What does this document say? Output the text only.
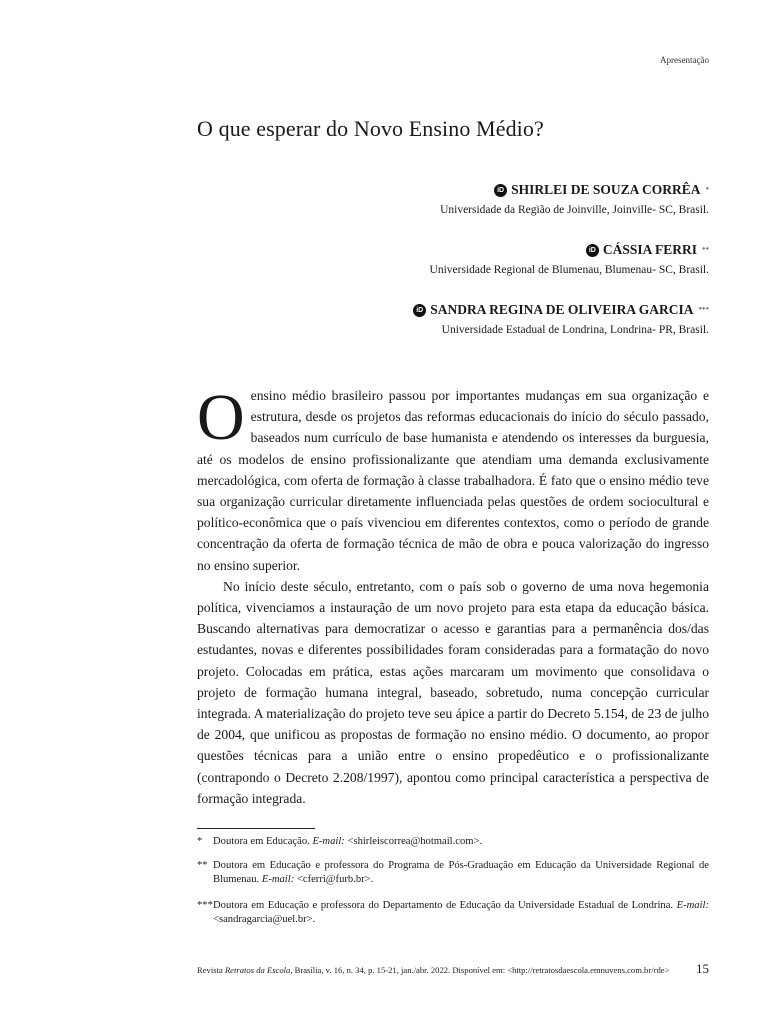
Apresentação
O que esperar do Novo Ensino Médio?
iD SHIRLEI DE SOUZA CORRÊA *
Universidade da Região de Joinville, Joinville- SC, Brasil.
iD CÁSSIA FERRI **
Universidade Regional de Blumenau, Blumenau- SC, Brasil.
iD SANDRA REGINA DE OLIVEIRA GARCIA ***
Universidade Estadual de Londrina, Londrina- PR, Brasil.

Oensino médio brasileiro passou por importantes mudanças em sua organização e estrutura, desde os projetos das reformas educacionais do início do século passado, baseados num currículo de base humanista e atendendo os interesses da burguesia, até os modelos de ensino profissionalizante que atendiam uma demanda exclusivamente mercadológica, com oferta de formação à classe trabalhadora. É fato que o ensino médio teve sua organização curricular diretamente influenciada pelas questões de ordem sociocultural e político-econômica que o país vivenciou em diferentes contextos, como o período de grande concentração da oferta de formação técnica de mão de obra e pouca valorização do ingresso no ensino superior.

No início deste século, entretanto, com o país sob o governo de uma nova hegemonia política, vivenciamos a instauração de um novo projeto para esta etapa da educação básica. Buscando alternativas para democratizar o acesso e garantias para a permanência dos/das estudantes, novas e diferentes possibilidades foram consideradas para a formatação do novo projeto. Colocadas em prática, estas ações marcaram um movimento que consolidava o projeto de formação humana integral, baseado, sobretudo, numa concepção curricular integrada. A materialização do projeto teve seu ápice a partir do Decreto 5.154, de 23 de julho de 2004, que unificou as propostas de formação no ensino médio. O documento, ao propor questões técnicas para a união entre o ensino propedêutico e o profissionalizante (contrapondo o Decreto 2.208/1997), apontou como principal característica a perspectiva de formação integrada.

*	Doutora em Educação. E-mail: <shirleiscorrea@hotmail.com>.
** Doutora em Educação e professora do Programa de Pós-Graduação em Educação da Universidade Regional de Blumenau. E-mail: <cferri@furb.br>.
*** Doutora em Educação e professora do Departamento de Educação da Universidade Estadual de Londrina. E-mail: <sandragarcia@uel.br>.
Revista Retratos da Escola, Brasília, v. 16, n. 34, p. 15-21, jan./abr. 2022. Disponível em: <http://retratosdaescola.emnuvens.com.br/rde> 15
